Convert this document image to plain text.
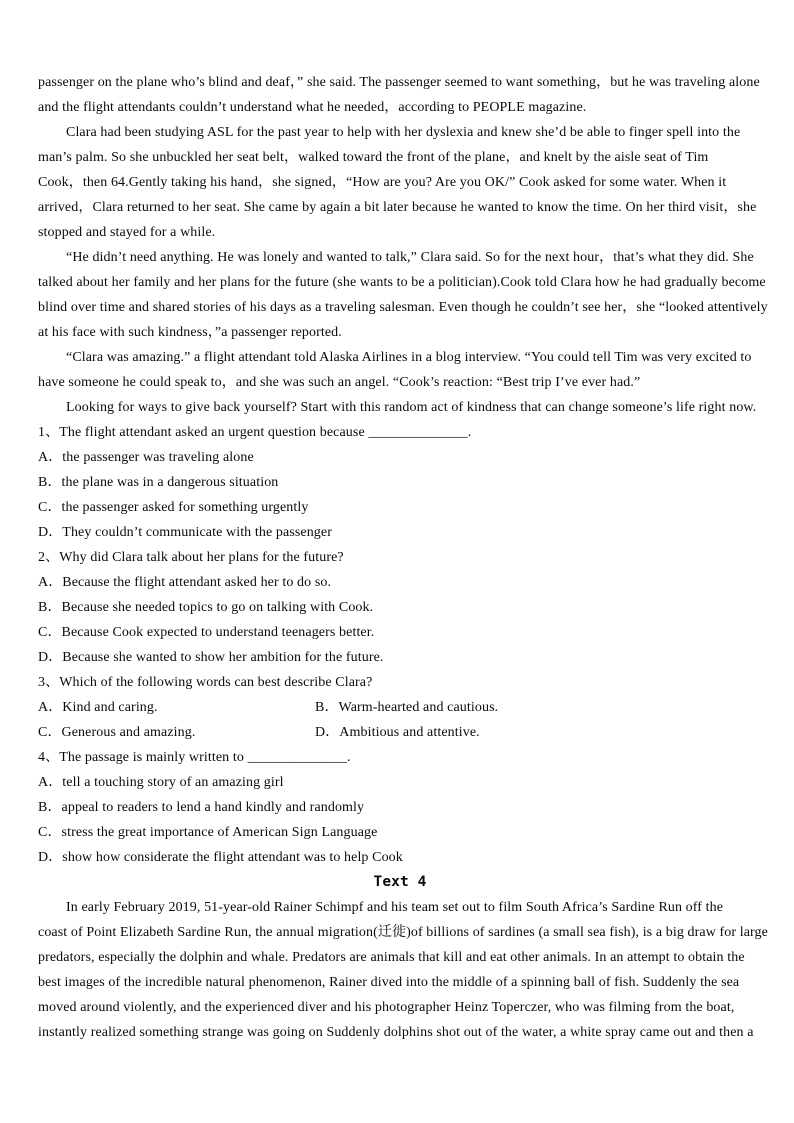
passenger on the plane who’s blind and deaf，” she said. The passenger seemed to want something，but he was traveling alone
and the flight attendants couldn’t understand what he needed，according to PEOPLE magazine.
Clara had been studying ASL for the past year to help with her dyslexia and knew she’d be able to finger spell into the
man’s palm. So she unbuckled her seat belt，walked toward the front of the plane，and knelt by the aisle seat of Tim
Cook，then 64.Gently taking his hand，she signed，“How are you? Are you OK/” Cook asked for some water. When it
arrived，Clara returned to her seat. She came by again a bit later because he wanted to know the time. On her third visit，she
stopped and stayed for a while.
“He didn’t need anything. He was lonely and wanted to talk,” Clara said. So for the next hour，that’s what they did. She
talked about her family and her plans for the future (she wants to be a politician).Cook told Clara how he had gradually become
blind over time and shared stories of his days as a traveling salesman. Even though he couldn’t see her，she “looked attentively
at his face with such kindness，”a passenger reported.
“Clara was amazing.” a flight attendant told Alaska Airlines in a blog interview. “You could tell Tim was very excited to
have someone he could speak to，and she was such an angel. “Cook’s reaction: “Best trip I’ve ever had.”
Looking for ways to give back yourself? Start with this random act of kindness that can change someone’s life right now.
1、The flight attendant asked an urgent question because ______________.
A．the passenger was traveling alone
B．the plane was in a dangerous situation
C．the passenger asked for something urgently
D．They couldn’t communicate with the passenger
2、Why did Clara talk about her plans for the future?
A．Because the flight attendant asked her to do so.
B．Because she needed topics to go on talking with Cook.
C．Because Cook expected to understand teenagers better.
D．Because she wanted to show her ambition for the future.
3、Which of the following words can best describe Clara?
A．Kind and caring.	B．Warm-hearted and cautious.
C．Generous and amazing.	D．Ambitious and attentive.
4、The passage is mainly written to ______________.
A．tell a touching story of an amazing girl
B．appeal to readers to lend a hand kindly and randomly
C．stress the great importance of American Sign Language
D．show how considerate the flight attendant was to help Cook
Text 4
In early February 2019, 51-year-old Rainer Schimpf and his team set out to film South Africa’s Sardine Run off the
coast of Point Elizabeth Sardine Run, the annual migration(迁徙)of billions of sardines (a small sea fish), is a big draw for large
predators, especially the dolphin and whale. Predators are animals that kill and eat other animals. In an attempt to obtain the
best images of the incredible natural phenomenon, Rainer dived into the middle of a spinning ball of fish. Suddenly the sea
moved around violently, and the experienced diver and his photographer Heinz Toperczer, who was filming from the boat,
instantly realized something strange was going on Suddenly dolphins shot out of the water, a white spray came out and then a
